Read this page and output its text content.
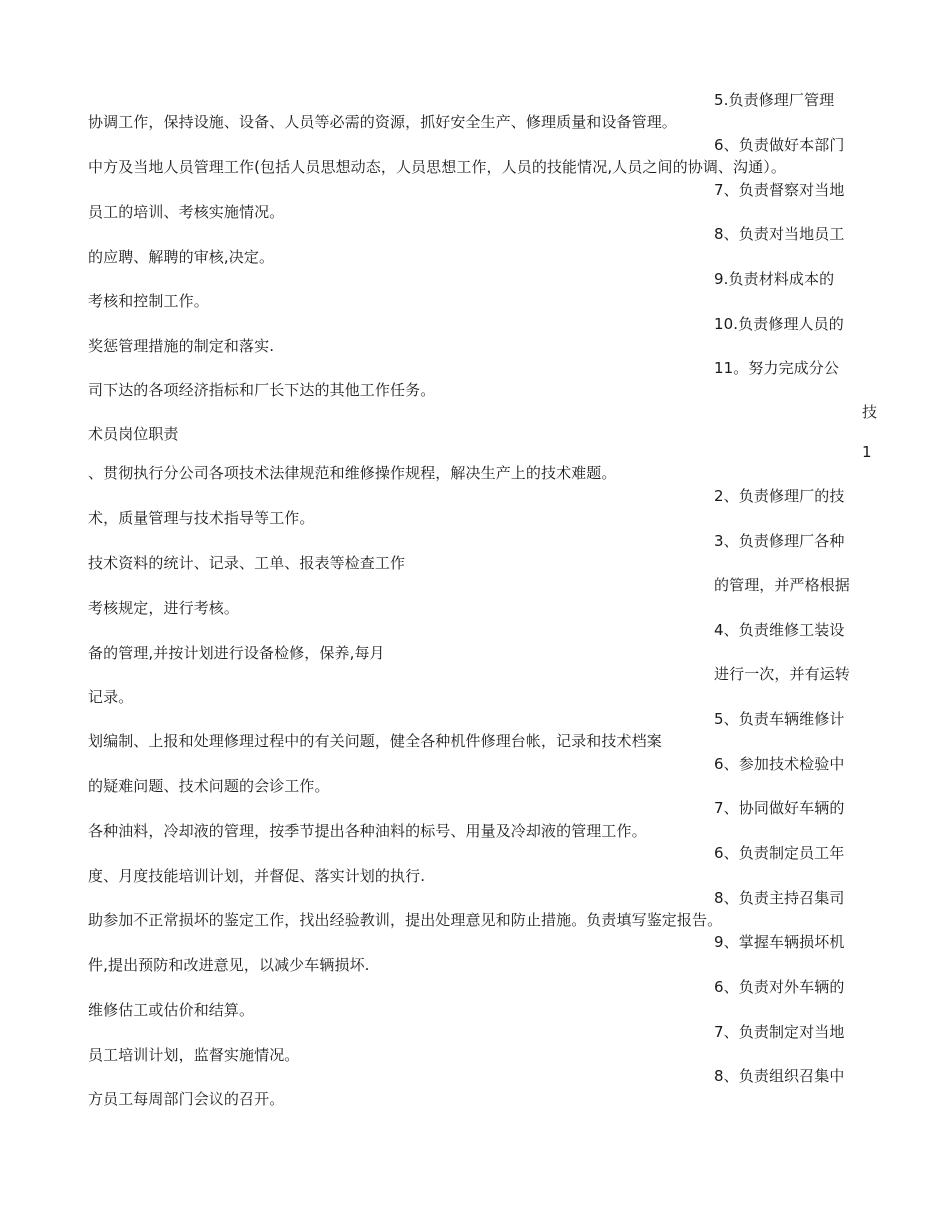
协调工作，保持设施、设备、人员等必需的资源，抓好安全生产、修理质量和设备管理。
中方及当地人员管理工作(包括人员思想动态，人员思想工作，人员的技能情况,人员之间的协调、沟通）。
员工的培训、考核实施情况。
的应聘、解聘的审核,决定。
考核和控制工作。
奖惩管理措施的制定和落实.
司下达的各项经济指标和厂长下达的其他工作任务。
术员岗位职责
、贯彻执行分公司各项技术法律规范和维修操作规程，解决生产上的技术难题。
术，质量管理与技术指导等工作。
技术资料的统计、记录、工单、报表等检查工作
考核规定，进行考核。
备的管理,并按计划进行设备检修，保养,每月
记录。
划编制、上报和处理修理过程中的有关问题，健全各种机件修理台帐，记录和技术档案
的疑难问题、技术问题的会诊工作。
各种油料，冷却液的管理，按季节提出各种油料的标号、用量及冷却液的管理工作。
度、月度技能培训计划，并督促、落实计划的执行.
助参加不正常损坏的鉴定工作，找出经验教训，提出处理意见和防止措施。负责填写鉴定报告。
件,提出预防和改进意见，以减少车辆损坏.
维修估工或估价和结算。
员工培训计划，监督实施情况。
方员工每周部门会议的召开。
5.负责修理厂管理
6、负责做好本部门
7、负责督察对当地
8、负责对当地员工
9.负责材料成本的
10.负责修理人员的
11。努力完成分公
技
1
2、负责修理厂的技
3、负责修理厂各种
的管理，并严格根据
4、负责维修工装设
进行一次，并有运转
5、负责车辆维修计
6、参加技术检验中
7、协同做好车辆的
6、负责制定员工年
8、负责主持召集司
9、掌握车辆损坏机
6、负责对外车辆的
7、负责制定对当地
8、负责组织召集中
